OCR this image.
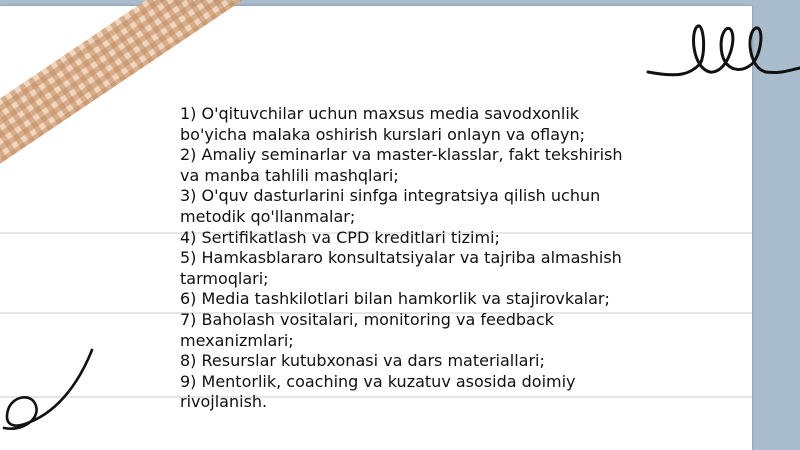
1) O'qituvchilar uchun maxsus media savodxonlik bo'yicha malaka oshirish kurslari onlayn va oflayn;
2) Amaliy seminarlar va master-klasslar, fakt tekshirish va manba tahlili mashqlari;
3) O'quv dasturlarini sinfga integratsiya qilish uchun metodik qo'llanmalar;
4) Sertifikatlash va CPD kreditlari tizimi;
5) Hamkasblararo konsultatsiyalar va tajriba almashish tarmoqlari;
6) Media tashkilotlari bilan hamkorlik va stajirovkalar;
7) Baholash vositalari, monitoring va feedback mexanizmlari;
8) Resurslar kutubxonasi va dars materiallari;
9) Mentorlik, coaching va kuzatuv asosida doimiy rivojlanish.
